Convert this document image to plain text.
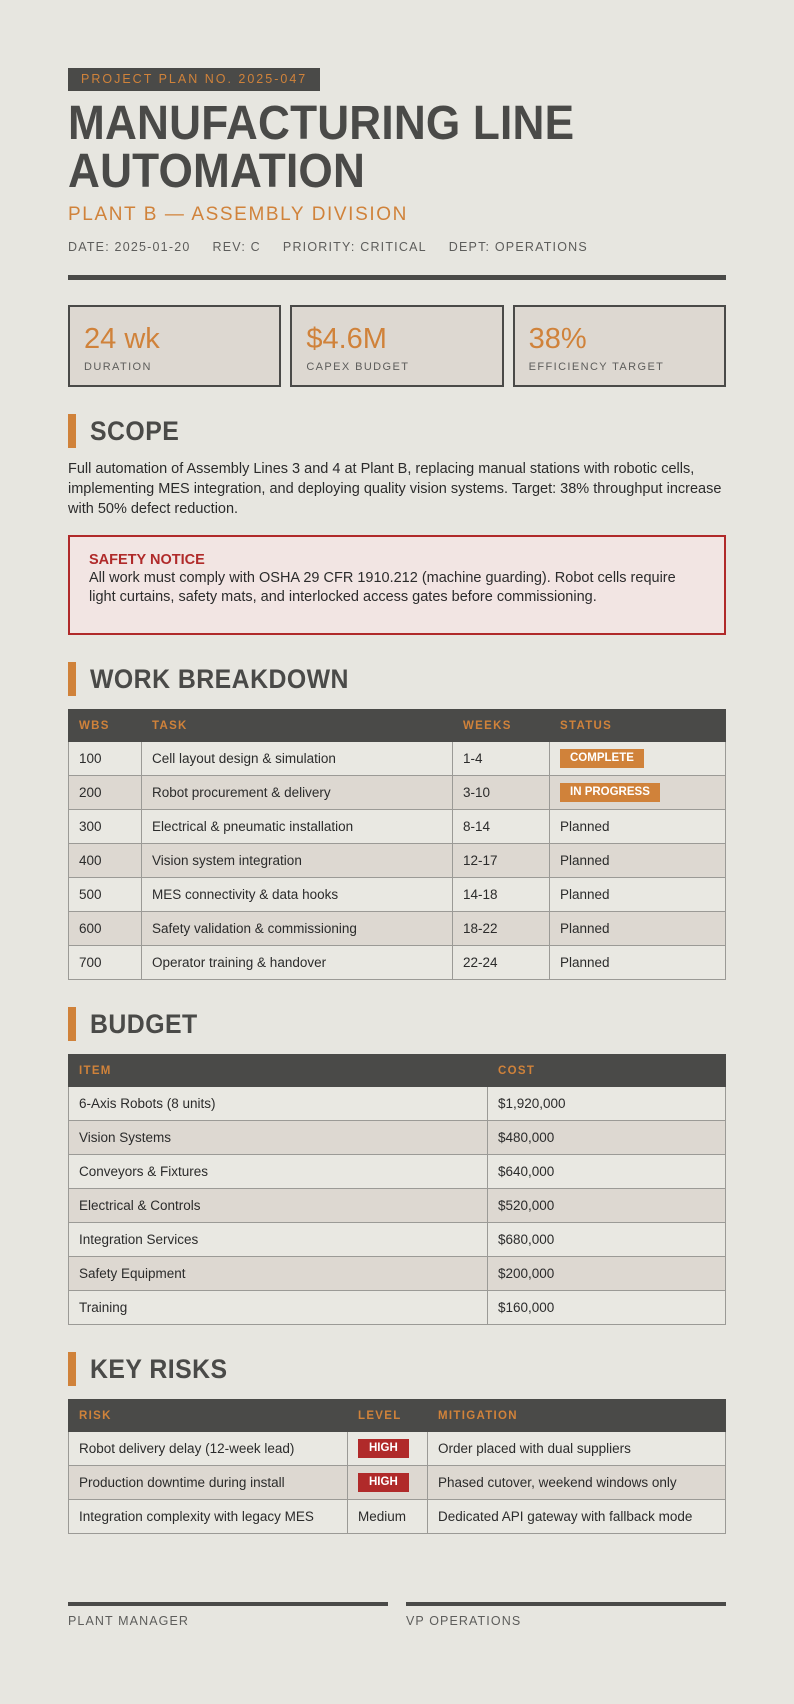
PROJECT PLAN NO. 2025-047
MANUFACTURING LINE
AUTOMATION
PLANT B — ASSEMBLY DIVISION
DATE: 2025-01-20 REV: C PRIORITY: CRITICAL DEPT: OPERATIONS
24 wk
DURATION
$4.6M
CAPEX BUDGET
38%
EFFICIENCY TARGET
SCOPE

Full automation of Assembly Lines 3 and 4 at Plant B, replacing manual stations with robotic cells, implementing MES integration, and deploying quality vision systems. Target: 38% throughput increase with 50% defect reduction.

SAFETY NOTICE
All work must comply with OSHA 29 CFR 1910.212 (machine guarding). Robot cells require light curtains, safety mats, and interlocked access gates before commissioning.
WORK BREAKDOWN
WBS	TASK	WEEKS	STATUS
100	Cell layout design & simulation	1-4	COMPLETE
200	Robot procurement & delivery	3-10	IN PROGRESS
300	Electrical & pneumatic installation	8-14	Planned
400	Vision system integration	12-17	Planned
500	MES connectivity & data hooks	14-18	Planned
600	Safety validation & commissioning	18-22	Planned
700	Operator training & handover	22-24	Planned
BUDGET
ITEM	COST
6-Axis Robots (8 units)	$1,920,000
Vision Systems	$480,000
Conveyors & Fixtures	$640,000
Electrical & Controls	$520,000
Integration Services	$680,000
Safety Equipment	$200,000
Training	$160,000
KEY RISKS
RISK	LEVEL	MITIGATION
Robot delivery delay (12-week lead)	HIGH	Order placed with dual suppliers
Production downtime during install	HIGH	Phased cutover, weekend windows only
Integration complexity with legacy MES	Medium	Dedicated API gateway with fallback mode
PLANT MANAGER	VP OPERATIONS
